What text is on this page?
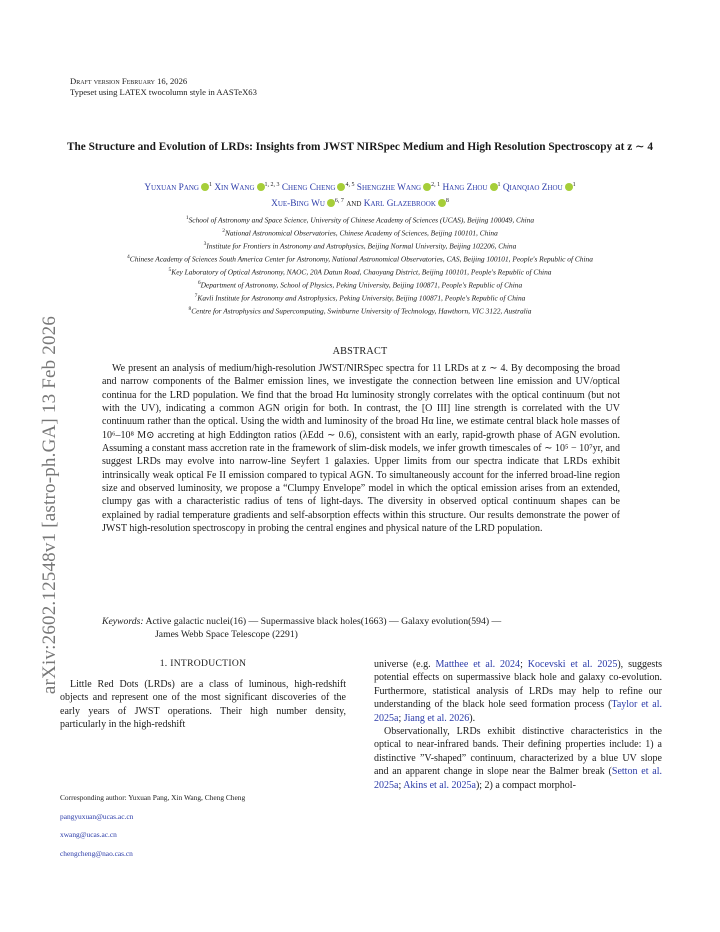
arXiv:2602.12548v1 [astro-ph.GA] 13 Feb 2026
Draft version February 16, 2026
Typeset using LATEX twocolumn style in AASTeX63
The Structure and Evolution of LRDs: Insights from JWST NIRSpec Medium and High Resolution Spectroscopy at z ∼ 4
Yuxuan Pang $^1$ Xin Wang $^{1, 2, 3}$ Cheng Cheng $^{4, 5}$ Shengzhe Wang $^{2, 1}$ Hang Zhou $^1$ Qianqiao Zhou $^1$
Xue-Bing Wu $^{6, 7}$ and Karl Glazebrook $^8$
$^1$School of Astronomy and Space Science, University of Chinese Academy of Sciences (UCAS), Beijing 100049, China
$^2$National Astronomical Observatories, Chinese Academy of Sciences, Beijing 100101, China
$^3$Institute for Frontiers in Astronomy and Astrophysics, Beijing Normal University, Beijing 102206, China
$^4$Chinese Academy of Sciences South America Center for Astronomy, National Astronomical Observatories, CAS, Beijing 100101, People's Republic of China
$^5$Key Laboratory of Optical Astronomy, NAOC, 20A Datun Road, Chaoyang District, Beijing 100101, People's Republic of China
$^6$Department of Astronomy, School of Physics, Peking University, Beijing 100871, People's Republic of China
$^7$Kavli Institute for Astronomy and Astrophysics, Peking University, Beijing 100871, People's Republic of China
$^8$Centre for Astrophysics and Supercomputing, Swinburne University of Technology, Hawthorn, VIC 3122, Australia
ABSTRACT
We present an analysis of medium/high-resolution JWST/NIRSpec spectra for 11 LRDs at z ∼ 4. By decomposing the broad and narrow components of the Balmer emission lines, we investigate the connection between line emission and UV/optical continua for the LRD population. We find that the broad Hα luminosity strongly correlates with the optical continuum (but not with the UV), indicating a common AGN origin for both. In contrast, the [O III] line strength is correlated with the UV continuum rather than the optical. Using the width and luminosity of the broad Hα line, we estimate central black hole masses of 10⁶–10⁸ M⊙ accreting at high Eddington ratios (λEdd ∼ 0.6), consistent with an early, rapid-growth phase of AGN evolution. Assuming a constant mass accretion rate in the framework of slim-disk models, we infer growth timescales of ∼ 10⁵ − 10⁷yr, and suggest LRDs may evolve into narrow-line Seyfert 1 galaxies. Upper limits from our spectra indicate that LRDs exhibit intrinsically weak optical Fe II emission compared to typical AGN. To simultaneously account for the inferred broad-line region size and observed luminosity, we propose a “Clumpy Envelope” model in which the optical emission arises from an extended, clumpy gas with a characteristic radius of tens of light-days. The diversity in observed optical continuum shapes can be explained by radial temperature gradients and self-absorption effects within this structure. Our results demonstrate the power of JWST high-resolution spectroscopy in probing the central engines and physical nature of the LRD population.
Keywords: Active galactic nuclei(16) — Supermassive black holes(1663) — Galaxy evolution(594) —
James Webb Space Telescope (2291)
1. INTRODUCTION

Little Red Dots (LRDs) are a class of luminous, high-redshift objects and represent one of the most significant discoveries of the early years of JWST operations. Their high number density, particularly in the high-redshift

Corresponding author: Yuxuan Pang, Xin Wang, Cheng Cheng
pangyuxuan@ucas.ac.cn
xwang@ucas.ac.cn
chengcheng@nao.cas.cn

universe (e.g. Matthee et al. 2024; Kocevski et al. 2025), suggests potential effects on supermassive black hole and galaxy co-evolution. Furthermore, statistical analysis of LRDs may help to refine our understanding of the black hole seed formation process (Taylor et al. 2025a; Jiang et al. 2026).

Observationally, LRDs exhibit distinctive characteristics in the optical to near-infrared bands. Their defining properties include: 1) a distinctive ”V-shaped” continuum, characterized by a blue UV slope and an apparent change in slope near the Balmer break (Setton et al. 2025a; Akins et al. 2025a); 2) a compact morphol-
